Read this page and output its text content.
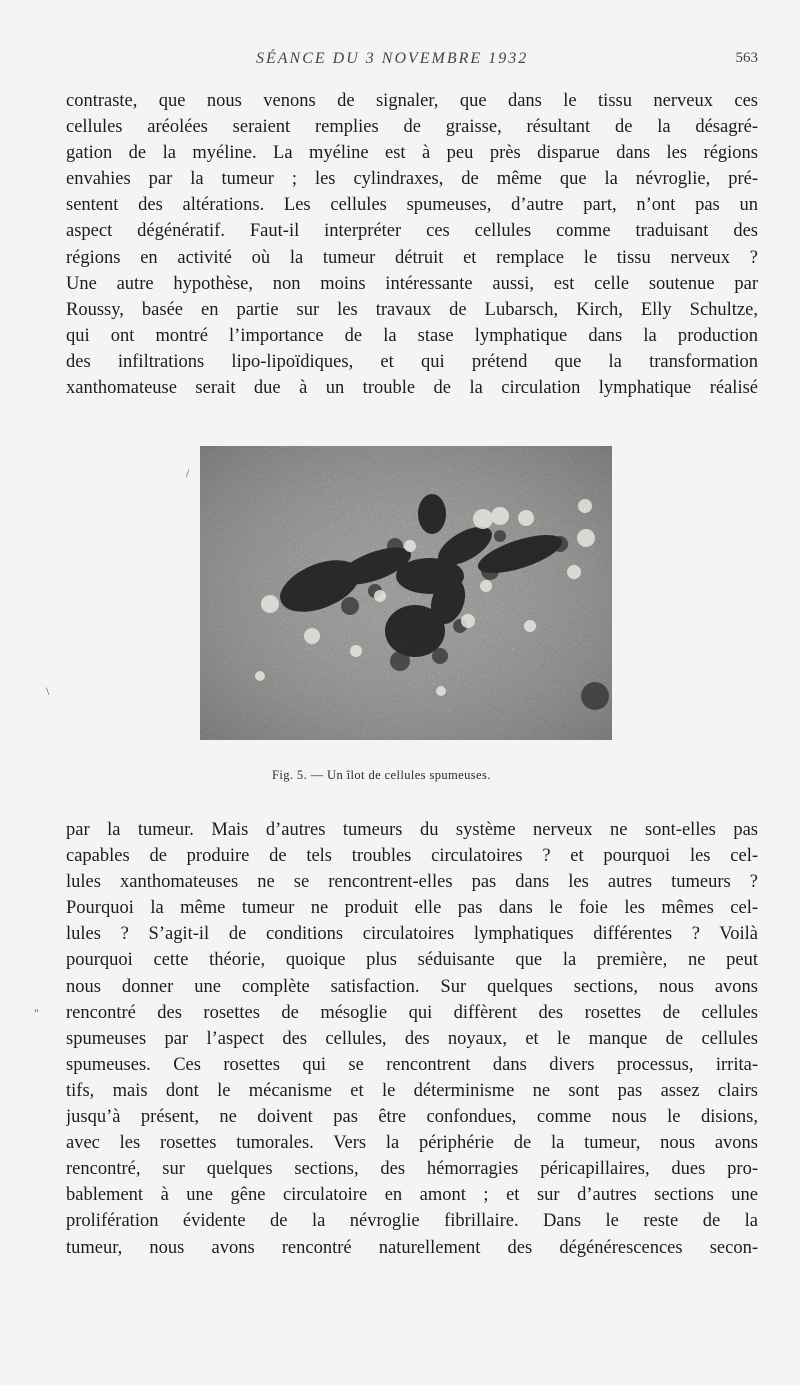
SÉANCE DU 3 NOVEMBRE 1932	563
contraste, que nous venons de signaler, que dans le tissu nerveux ces
cellules aréolées seraient remplies de graisse, résultant de la désagré-
gation de la myéline. La myéline est à peu près disparue dans les régions
envahies par la tumeur ; les cylindraxes, de même que la névroglie, pré-
sentent des altérations. Les cellules spumeuses, d’autre part, n’ont pas un
aspect dégénératif. Faut-il interpréter ces cellules comme traduisant des
régions en activité où la tumeur détruit et remplace le tissu nerveux ?
Une autre hypothèse, non moins intéressante aussi, est celle soutenue par
Roussy, basée en partie sur les travaux de Lubarsch, Kirch, Elly Schultze,
qui ont montré l’importance de la stase lymphatique dans la production
des infiltrations lipo-lipoïdiques, et qui prétend que la transformation
xanthomateuse serait due à un trouble de la circulation lymphatique réalisé
/
\
"
Fig. 5. — Un îlot de cellules spumeuses.
par la tumeur. Mais d’autres tumeurs du système nerveux ne sont-elles pas
capables de produire de tels troubles circulatoires ? et pourquoi les cel-
lules xanthomateuses ne se rencontrent-elles pas dans les autres tumeurs ?
Pourquoi la même tumeur ne produit elle pas dans le foie les mêmes cel-
lules ? S’agit-il de conditions circulatoires lymphatiques différentes ? Voilà
pourquoi cette théorie, quoique plus séduisante que la première, ne peut
nous donner une complète satisfaction. Sur quelques sections, nous avons
rencontré des rosettes de mésoglie qui diffèrent des rosettes de cellules
spumeuses par l’aspect des cellules, des noyaux, et le manque de cellules
spumeuses. Ces rosettes qui se rencontrent dans divers processus, irrita-
tifs, mais dont le mécanisme et le déterminisme ne sont pas assez clairs
jusqu’à présent, ne doivent pas être confondues, comme nous le disions,
avec les rosettes tumorales. Vers la périphérie de la tumeur, nous avons
rencontré, sur quelques sections, des hémorragies péricapillaires, dues pro-
bablement à une gêne circulatoire en amont ; et sur d’autres sections une
prolifération évidente de la névroglie fibrillaire. Dans le reste de la
tumeur, nous avons rencontré naturellement des dégénérescences secon-
